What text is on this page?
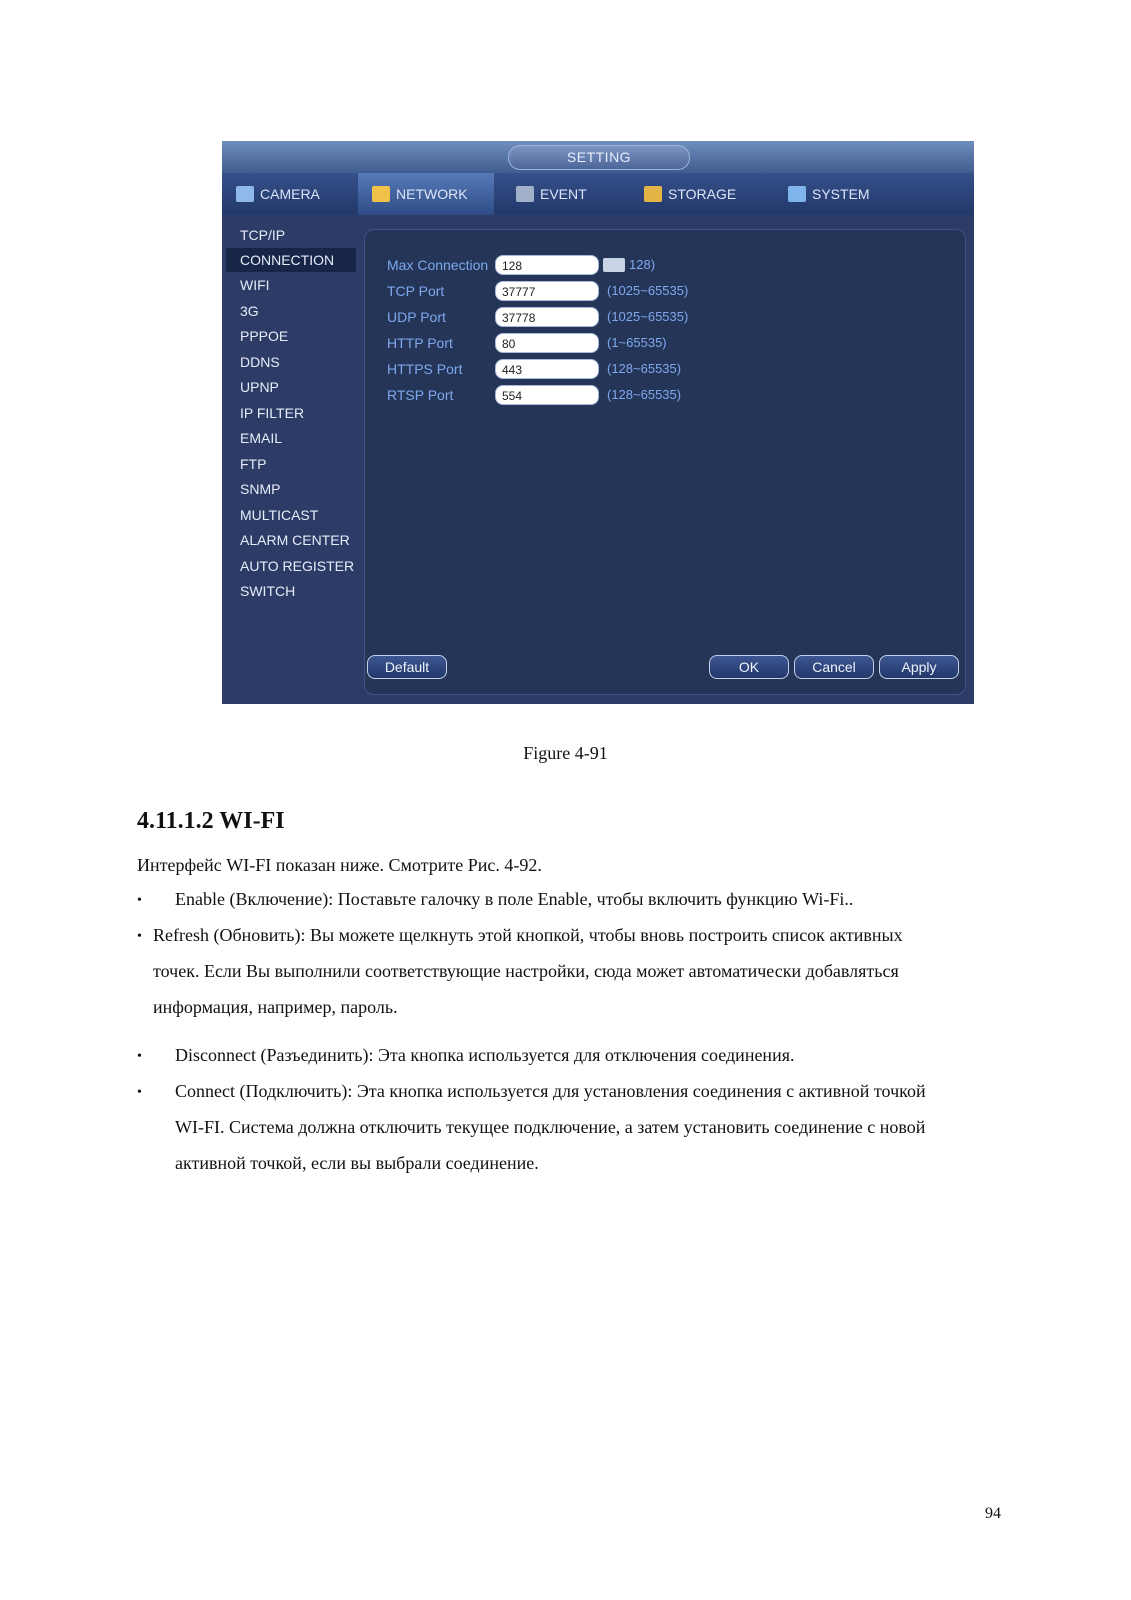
SETTING
CAMERA	NETWORK	EVENT	STORAGE	SYSTEM
TCP/IP
CONNECTION
WIFI
3G
PPPOE
DDNS
UPNP
IP FILTER
EMAIL
FTP
SNMP
MULTICAST
ALARM CENTER
AUTO REGISTER
SWITCH
Max Connection	128	128)
TCP Port	37777	(1025~65535)
UDP Port	37778	(1025~65535)
HTTP Port	80	(1~65535)
HTTPS Port	443	(128~65535)
RTSP Port	554	(128~65535)
Default	OK	Cancel	Apply
Figure 4-91
4.11.1.2 WI-FI
Интерфейс WI-FI показан ниже. Смотрите Рис. 4-92.
• Enable (Включение): Поставьте галочку в поле Enable, чтобы включить функцию Wi-Fi..
• Refresh (Обновить): Вы можете щелкнуть этой кнопкой, чтобы вновь построить список активных
точек. Если Вы выполнили соответствующие настройки, сюда может автоматически добавляться
информация, например, пароль.
• Disconnect (Разъединить): Эта кнопка используется для отключения соединения.
• Connect (Подключить): Эта кнопка используется для установления соединения с активной точкой
WI-FI. Система должна отключить текущее подключение, а затем установить соединение с новой
активной точкой, если вы выбрали соединение.
94
